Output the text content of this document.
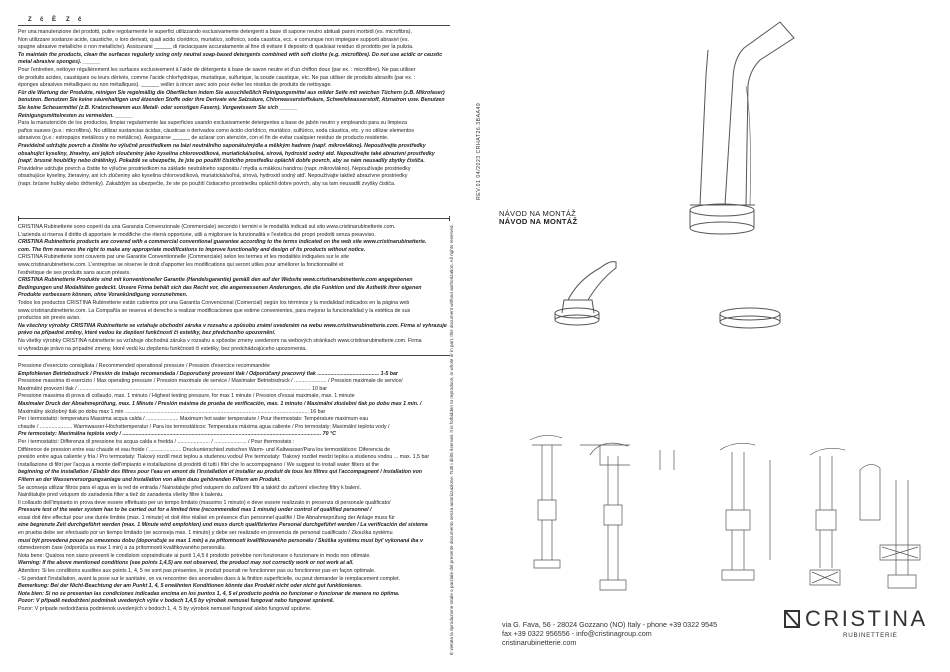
Z č Ĕ Z č

Per una manutenzione dei prodotti, pulire regolarmente le superfici utilizzando esclusivamente detergenti a base di sapone neutro abituali panni morbidi (es. microfibra).

Non utilizzare sostanze acide, caustiche, o loro derivati, quali acido cloridrico, muriatico, solforico, soda caustica, ecc. e comunque non impiegare supporti abrasivi (es.

spugne abrasive metalliche o non metalliche). Assicurarsi ______ di risciacquare accuratamente al fine di evitare il deposito di qualsiasi residuo di prodotto per la pulizia.

To maintain the products, clean the surfaces regularly using only neutral soap-based detergents combined with soft cloths (e.g. microfibre). Do not use acidic or caustic

metal abrasive sponges). ______

Pour l'entretien, nettoyer régulièrement les surfaces exclusivement à l'aide de détergents à base de savon neutre et d'un chiffon doux (par ex. : microfibre). Ne pas utiliser

de produits acides, caustiques ou leurs dérivés, comme l'acide chlorhydrique, muriatique, sulfurique, la soude caustique, etc. Ne pas utiliser de produits abrasifs (par ex. :

éponges abrasives métalliques ou non métalliques). ______ veiller à rincer avec soin pour éviter les résidus de produits de nettoyage.

Für die Wartung der Produkte, reinigen Sie regelmäßig die Oberflächen indem Sie ausschließlich Reinigungsmittel aus milder Seife mit weichen Tüchern (z.B. Mikrofaser)

benutzen. Benutzen Sie keine säurehaltigen und ätzenden Stoffe oder ihre Derivate wie Salzsäure, Chlorwasserstoffsäure, Schwefelwasserstoff, Ätznatron usw. Benutzen

Sie keine Scheuermittel (z.B. Kratzschwamm aus Metall- oder sonstigen Fasern). Vergewissern Sie sich ______

Reinigungsmittelresten zu vermeiden. ______

Para la manutención de los productos, limpiar regularmente las superficies usando exclusivamente detergentes a base de jabón neutro y empleando para su limpieza

paños suaves (p.e.: microfibra). No utilizar sustancias ácidas, cáusticas o derivados como ácido clorídrico, muriático, sulfúrico, soda cáustica, etc. y no utilizar elementos

abrasivos (p.e.: estropajos metálicos y no metálicos). Asegurarse ______ de aclarar con atención, con el fin de evitar cualquier residuo de producto residente.

Pravidelně udržujte povrch a čistěte ho výlučně prostředkem na bázi neutrálního saponátu/mýdla a měkkým hadrem (např. mikrovlákno). Nepoužívejte prostředky

obsahující kyseliny, žíraviny, ani jejich sloučeniny jako kyselina chlorovodíková, muriatická/solná, sírová, hydroxid sodný atd. Nepoužívejte také abrazivní prostředky

(např. brusné houbičky nebo drátěnky). Pokaždé se ubezpečte, že jste po použití čisticího prostředku opláchli dobře povrch, aby se nám neusadily zbytky čističa.

Pravidelne udržujte povrch a čistite ho výlučne prostriedkom na základe neutrálneho saponátu / mydla a mäkkou handrou (napr. mikrovlákno). Nepoužívajte prostriedky

obsahujúce kyseliny, žieraviny, ani ich zlúčeniny ako kyselina chlorovodíková, muriatická/soľná, sírová, hydroxid sodný atď. Nepoužívajte taktiež abrazívne prostriedky

(napr. brúsne hubky alebo drôtenky). Zakaždým sa ubezpečte, že ste po použití čistiaceho prostriedku opláchli dobre povrch, aby sa tam neusadili zvyšky čističa.

CRISTINA Rubinetterie sono coperti da una Garanzia Convenzionale (Commerciale) secondo i termini e le modalità indicati sul sito www.cristinarubinetterie.com.

L'azienda si riserva il diritto di apportare le modifiche che riterrà opportune, utili a migliorare la funzionalità e l'estetica dei propri prodotti senza preavviso.

CRISTINA Rubinetterie products are covered with a commercial conventional guarantee according to the terms indicated on the web site www.cristinarubinetterie.

com. The firm reserves the right to make any appropriate modifications to improve functionality and design of its products without notice.

CRISTINA Rubinetterie sont couverts par une Garantie Conventionnelle (Commerciale) selon les termes et les modalités indiquées sur le site

www.cristinarubinetterie.com. L'entreprise se réserve le droit d'apporter les modifications qui seront utiles pour améliorer la fonctionnalité et

l'esthétique de ses produits sans aucun préavis.

CRISTINA Rubinetterie Produkte sind mit konventioneller Garantie (Handelsgarantie) gemäß den auf der Website www.cristinarubinetterie.com angegebenen

Bedingungen und Modalitäten gedeckt. Unsere Firma behält sich das Recht vor, die angemessenen Änderungen, die die Funktion und die Ästhetik ihrer eigenen

Produkte verbessern können, ohne Vorankündigung vorzunehmen.

Todos los productos CRISTINA Rubinetterie están cubiertos por una Garantía Convencional (Comercial) según los términos y la modalidad indicados en la página web

www.cristinarubinetterie.com. La Compañía se reserva el derecho a realizar modificaciones que estime convenientes, para mejorar la funcionalidad y la estética de sus

productos sin previo aviso.

Na všechny výrobky CRISTINA Rubinetterie se vztahuje obchodní záruka v rozsahu a způsobu známí uvedeném na webu www.cristinarubinetterie.com. Firma si vyhrazuje

právo na případné změny, které vedou ke zlepšení funkčnosti či estetiky, bez předchozího upozornění.

Na všetky výrobky CRISTINA rubinetterie sa vzťahuje obchodná záruka v rozsahu a spôsobe zmeny uvedenom na webových stránkach www.cristinarubinetterie.com. Firma

si vyhradzuje právo na prípadné zmeny, ktoré vedú ku zlepšeniu funkčnosti či estetiky, bez predchádzajúceho upozornenia.

Pressione d'esercizio consigliata / Recommended operational pressure / Pression d'exercice recommandée

Empfohlenen Betriebsdruck / Presión de trabajo recomendada / Doporučený provozní tlak / Odporúčaný pracovný tlak .......................................... 1-5 bar

Pressione massima di esercizio / Max operating pressure / Pression maximale de service / Maximaler Betriebsdruck / ...................... / Pression maximale de service/

Maximální provozní tlak / .............................................................................................................................................................. 10 bar

Pressione massima di prova di collaudo, max. 1 minuto / Highest testing pressure, for max 1 minute / Pression d'essai maximale, max. 1 minute

Maximaler Druck der Abnahmeprüfung, max. 1 Minute / Presión máxima de prueba de verificación, max. 1 minuto / Maximální zkušební tlak po dobu max 1 min. /

Maximálny skúšobný tlak po dobu max 1 min ............................................................................................................................. 16 bar

Per i termostatici: temperatura Massima acqua calda / ...................... Maximum hot water temperature / Pour thermostats: Température maximum eau

chaude / ...................... Warmwasser-Höchsttemperatur / Para los termostáticos: Temperatura máxima agua caliente / Pro termostaty: Maximální teplota vody /

Pre termostaty: Maximálna teplota vody / ....................................................................................................................................... 70 °C

Per i termostatici: Differenza di pressione tra acqua calda e fredda / ...................... / ...................... / Pour thermostats :

Différence de pression entre eau chaude et eau froide / ...................... Druckunterschied zwischen Warm- und Kaltwasser/Para los termostáticos: Diferencia de

presión entre agua caliente y fría / Pro termostaty: Tlakový rozdíl mezi teplou a studenou vodou/ Pre termostaty: Tlakový rozdiel medzi teplou a studenou vodou ... max. 1,5 bar

Installazione di filtri per l'acqua a monte dell'impianto e installazione di prodotti di tutti i filtri che lo accompagnano / We suggest to install water filters at the

beginning of the installation / Etablir des filtres pour l'eau en amont de l'installation et installer au produit de tous les filtres qui l'accompagnent / Installation von

Filtern an der Wasserversorgungsanlage und Installation von allen dazu gehörenden Filtern am Produkt.

Se aconseja utilizar filtros para el agua en la red de entrada / Nainstalujte před vstupem do zařízení filtr a taktéž do zařízení všechny filtry k balení.

Nainštalujte pred vstupom do zariadenia filter a tiež do zariadenia všetky filtre k baleniu.

Il collaudo dell'impianto in prova deve essere effettuato per un tempo limitato (massimo 1 minuto) e deve essere realizzato in presenza di personale qualificato/

Pressure test of the water system has to be carried out for a limited time (recommended max 1 minute) under control of qualified personnel /

essai doit être effectué pour une durée limitée (max. 1 minute) et doit être réalisé en présence d'un personnel qualifié / Die Abnahmeprüfung der Anlage muss für

eine begrenzte Zeit durchgeführt werden (max. 1 Minute wird empfohlen) und muss durch qualifiziertes Personal durchgeführt werden / La verificación del sistema

en prueba debe ser efectuado por un tiempo limitado (se aconseja max. 1 minuto) y debe ser realizado en presencia de personal cualificado / Zkouška systému

musí být provedená pouze po omezenou dobu (doporučuje se max 1 min) a za přítomnosti kvalifikovaného personálu / Skúška systému musí byť vykonaná iba v

obmedzenom čase (odporúča sa max 1 min) a za prítomnosti kvalifikovaného personálu.

Nota bene: Qualora non siano presenti le condizioni sopraindicate ai punti 1,4,5 il prodotto potrebbe non funzionare o funzionare in modo non ottimale.

Warning: If the above mentioned conditions (see points 1,4,5) are not observed, the product may not correctly work or not work at all.

Attention: Si les conditions susdites aux points 1, 4, 5 ne sont pas présentes, le produit pourrait ne fonctionner pas ou fonctionner pas en façon optimale.

- Si pendant l'installation, avant la pose sur le sanitaire, on va rencontrer des anomalies dues à la finition superficielle, ou peut demander le remplacement complet.

Bemerkung: Bei der Nicht-Beachtung der am Punkt 1, 4, 5 erwähnten Konditionen könnte das Produkt nicht oder nicht gut funktionieren.

Nota bien: Si no se presentan las condiciones indicadas encima en los puntos 1, 4, 5 el producto podría no funcionar o funcionar de manera no óptima.

Pozor: V případě nedodržení podmínek uvedených výše v bodech 1,4,5 by výrobek nemusel fungovat nebo fungovat správně.

Pozor: V prípade nedodržania podmienok uvedených v bodoch 1, 4, 5 by výrobok nemusel fungovať alebo fungovať správne.	È vietata la riproduzione totale o parziale del presente documento senza autorizzazione. Tutti i diritti riservati. It is forbidden to reproduce, in whole or in part, this document without authorization. All rights reserved.
REV.01 04/2023 CRHAT26.3BAA49
NÁVOD NA MONTÁŽ
NÁVOD NA MONTÁŽ
via G. Fava, 56 - 28024 Gozzano (NO) Italy - phone +39 0322 9545
fax +39 0322 956556 - info@cristinagroup.com
cristinarubinetterie.com
CRISTINA
RUBINETTERIE
